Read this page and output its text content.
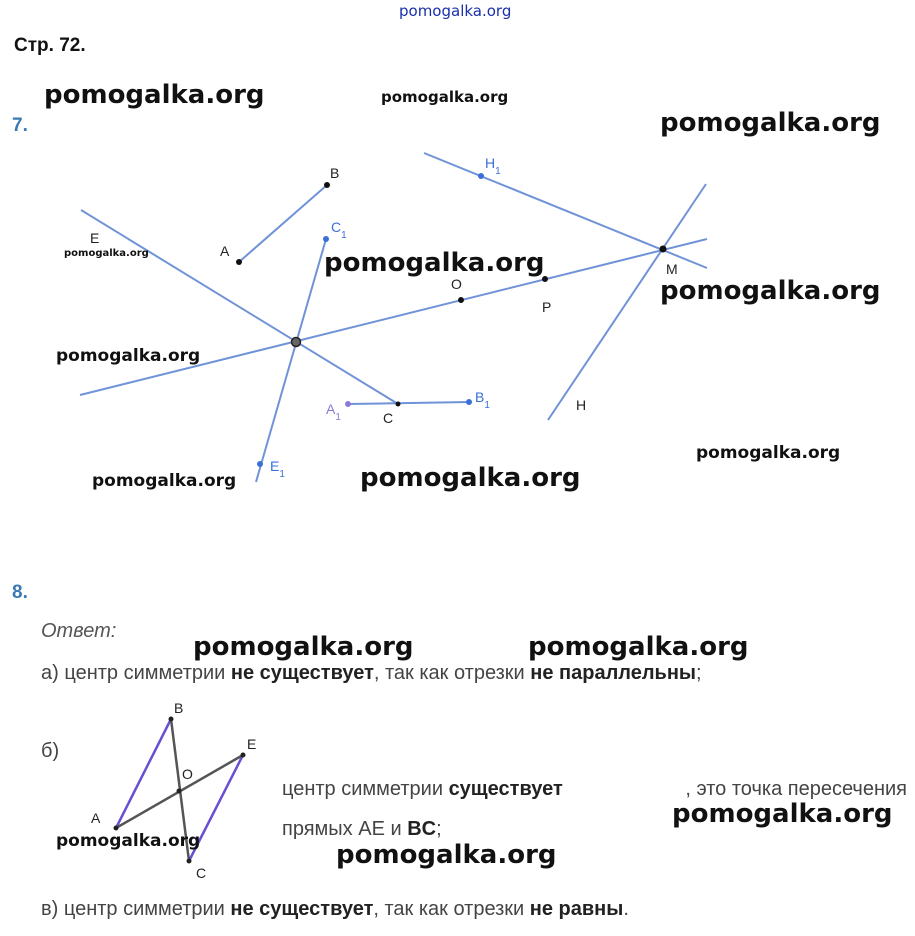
pomogalka.org
Стр. 72.
7.
A
B
E
O
P
M
H
C
$C_1$
$H_1$
$B_1$
$E_1$
$A_1$
pomogalka.org	pomogalka.org
pomogalka.org
pomogalka.org	pomogalka.org
pomogalka.org
pomogalka.org
pomogalka.org
pomogalka.org	pomogalka.org
8.
Ответ:
pomogalka.org	pomogalka.org
а) центр симметрии не существует, так как отрезки не параллельны;
б)
A
B
C
E
O
pomogalka.org
центр симметрии существует	, это точка пересечения
прямых AE и BC;	pomogalka.org
pomogalka.org
в) центр симметрии не существует, так как отрезки не равны.
